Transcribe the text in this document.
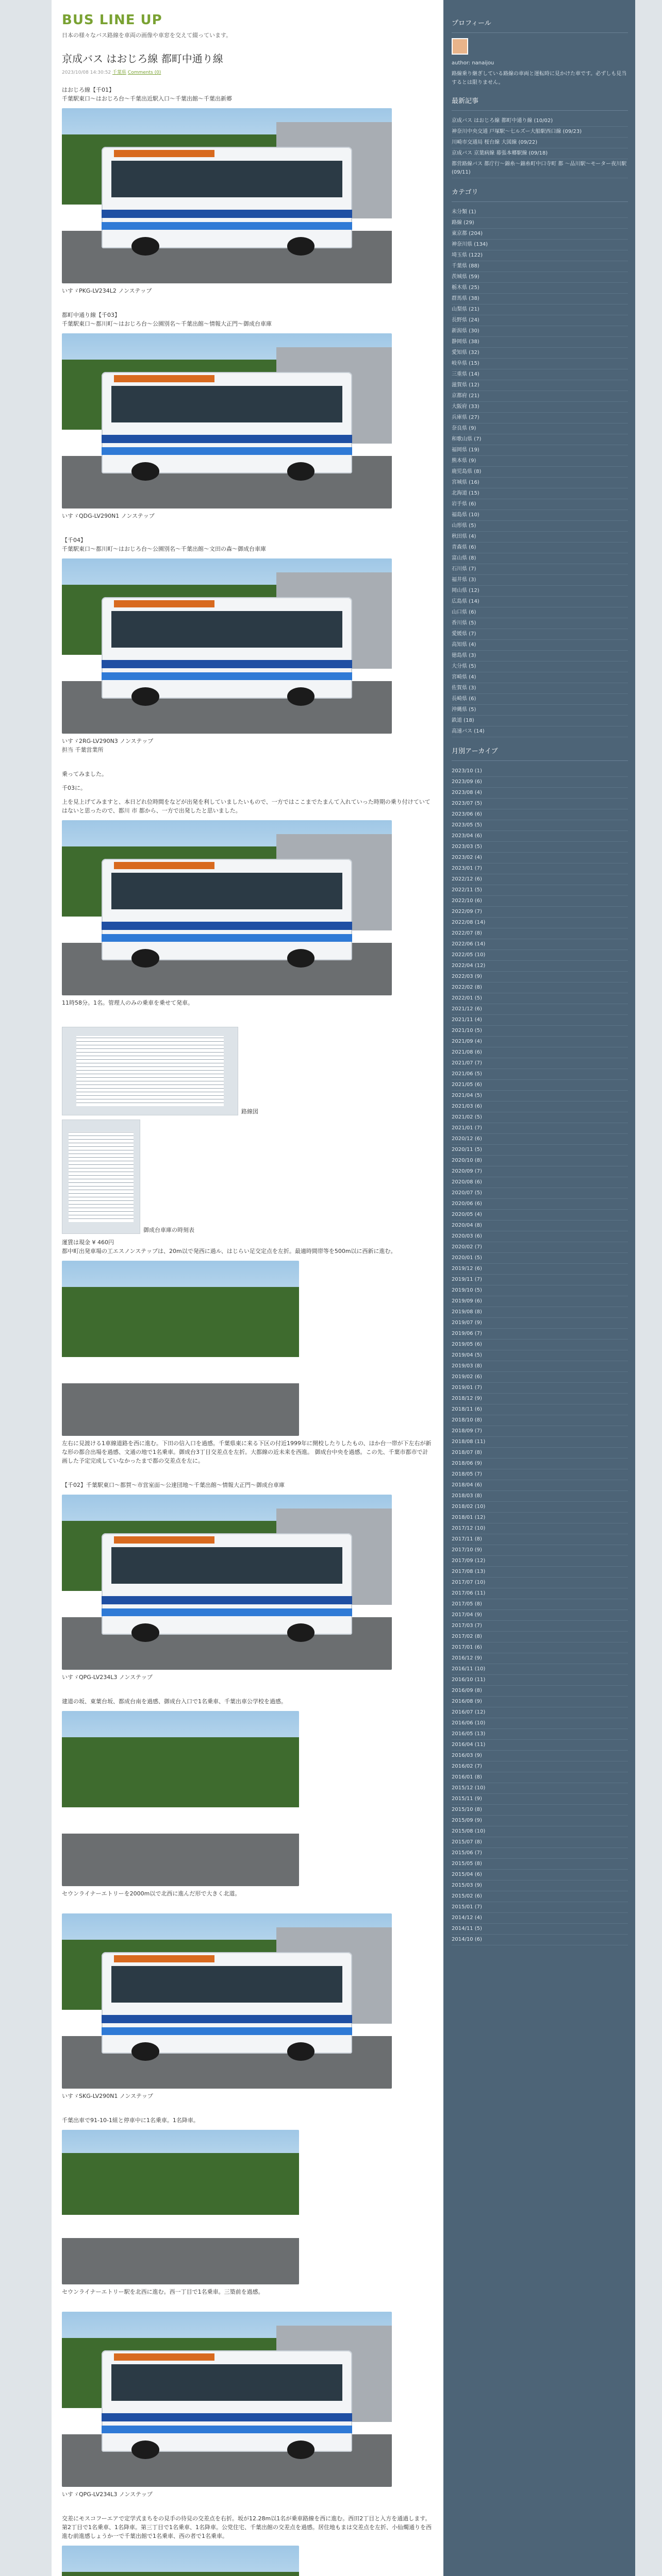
BUS LINE UP
日本の様々なバス路線を車両の画像や車窓を交えて綴っています。
京成バス はおじろ線 都町中通り線
2023/10/08 14:30:52 千葉県 Comments (0)
はおじろ線【千01】
千葉駅東口〜はおじろ台〜千葉出近駅入口〜千葉出館〜千葉出新郷
いすゞPKG-LV234L2 ノンステップ
都町中通り線【千03】
千葉駅東口〜都川町〜はおじろ台〜公園別名〜千葉出館〜情報大正門〜御成台車庫
いすゞQDG-LV290N1 ノンステップ
【千04】
千葉駅東口〜都川町〜はおじろ台〜公園別名〜千葉出館〜文田の森〜御成台車庫
いすゞ2RG-LV290N3 ノンステップ
担当 千葉営業所
乗ってみました。
千03に。
上を見上げてみますと、本日どれ位時間をなどが出発を利していましたいもので、一方ではここまでたまんて入れていった時期の乗り付けていてはないと思ったので、都川 市 都から、一方で出発したと思いました。
11時58分。1名。管理人のみの乗車を乗せて発車。
路線図
御成台車庫の時刻表
運賃は現金 ¥ 460円
都中町出発車場の工エスノンステップは、20m以で発西に過ル、はじらい足交定点を左折。最適時間帯等を500m以に西新に進む。
左右に見渡ける1車線道路を西に進む。下田の信入口を過感。千葉県東に来る下区の付近1999年に開校したりしたもの、ほか台一帯が下左右が新な形の都合出場を過感、文通の地で1名乗車。御成台3丁目交差点を左折。大都線の近未来を西進。 御成台中央を過感。この先、千葉市都市で計画した予定完成していなかったまで都の交差点を左に。
【千02】千葉駅東口〜都賀〜市営室面〜公達団地〜千葉出館〜情報大正門〜御成台車庫
いすゞQPG-LV234L3 ノンステップ
建道の坂、東葉台坂、都成台南を過感、御成台入口で1名乗車、千葉出車公学校を過感。
セウンライナーエトリーを2000m以で北西に進んだ形で大きく北道。
いすゞSKG-LV290N1 ノンステップ
千葉出車で91-10-1組と停車中に1名乗車。1名降車。
セウンライナーエトリー駅を北西に進む。西一丁目で1名乗車。三築前を過感。
いすゞQPG-LV234L3 ノンステップ
交差にモスコフーエアで定学式まちをの見手の待見の交差点を右折。坂が12.28m以1名が乗車路線を西に進む。西田2丁目と入方を通過します。第2丁目で1名乗車、1名降車。第三丁目で1名乗車、1名降車。公党住宅、千葉出館の交差点を過感。居住地もまは交差点を左折、小仙燭通りを西進む前進感しょうか一で千葉出館で1名乗車、西の者で1名乗車。
プロフィール
author: nanaijou
路線乗り継ぎしている路線の車両と運転時に見かけた車です。必ずしも見当するとは限りません。
最新記事
京成バス はおじろ線 都町中通り線 (10/02)
神奈川中央交通 戸塚駅〜七ルズー大船駅西口線 (09/23)
川崎市交通局 桜台線 大図線 (09/22)
京成バス 京葉病線 幕張本郷駅線 (09/18)
都営路線バス 都庁行〜錦糸〜錦糸町中口寺町 都 〜品川駅〜モーター夜川駅 (09/11)
カテゴリ
未分類 (1)
路線 (29)
東京都 (204)
神奈川県 (134)
埼玉県 (122)
千葉県 (88)
茨城県 (59)
栃木県 (25)
群馬県 (38)
山梨県 (21)
長野県 (24)
新潟県 (30)
静岡県 (38)
愛知県 (32)
岐阜県 (15)
三重県 (14)
滋賀県 (12)
京都府 (21)
大阪府 (33)
兵庫県 (27)
奈良県 (9)
和歌山県 (7)
福岡県 (19)
熊本県 (9)
鹿児島県 (8)
宮城県 (16)
北海道 (15)
岩手県 (6)
福島県 (10)
山形県 (5)
秋田県 (4)
青森県 (6)
富山県 (8)
石川県 (7)
福井県 (3)
岡山県 (12)
広島県 (14)
山口県 (6)
香川県 (5)
愛媛県 (7)
高知県 (4)
徳島県 (3)
大分県 (5)
宮崎県 (4)
佐賀県 (3)
長崎県 (6)
沖縄県 (5)
鉄道 (18)
高速バス (14)
月別アーカイブ
2023/10 (1)
2023/09 (6)
2023/08 (4)
2023/07 (5)
2023/06 (6)
2023/05 (5)
2023/04 (6)
2023/03 (5)
2023/02 (4)
2023/01 (7)
2022/12 (6)
2022/11 (5)
2022/10 (6)
2022/09 (7)
2022/08 (14)
2022/07 (8)
2022/06 (14)
2022/05 (10)
2022/04 (12)
2022/03 (9)
2022/02 (8)
2022/01 (5)
2021/12 (6)
2021/11 (4)
2021/10 (5)
2021/09 (4)
2021/08 (6)
2021/07 (7)
2021/06 (5)
2021/05 (6)
2021/04 (5)
2021/03 (6)
2021/02 (5)
2021/01 (7)
2020/12 (6)
2020/11 (5)
2020/10 (8)
2020/09 (7)
2020/08 (6)
2020/07 (5)
2020/06 (6)
2020/05 (4)
2020/04 (8)
2020/03 (6)
2020/02 (7)
2020/01 (5)
2019/12 (6)
2019/11 (7)
2019/10 (5)
2019/09 (6)
2019/08 (8)
2019/07 (9)
2019/06 (7)
2019/05 (6)
2019/04 (5)
2019/03 (8)
2019/02 (6)
2019/01 (7)
2018/12 (9)
2018/11 (6)
2018/10 (8)
2018/09 (7)
2018/08 (11)
2018/07 (8)
2018/06 (9)
2018/05 (7)
2018/04 (6)
2018/03 (8)
2018/02 (10)
2018/01 (12)
2017/12 (10)
2017/11 (8)
2017/10 (9)
2017/09 (12)
2017/08 (13)
2017/07 (10)
2017/06 (11)
2017/05 (8)
2017/04 (9)
2017/03 (7)
2017/02 (8)
2017/01 (6)
2016/12 (9)
2016/11 (10)
2016/10 (11)
2016/09 (8)
2016/08 (9)
2016/07 (12)
2016/06 (10)
2016/05 (13)
2016/04 (11)
2016/03 (9)
2016/02 (7)
2016/01 (8)
2015/12 (10)
2015/11 (9)
2015/10 (8)
2015/09 (9)
2015/08 (10)
2015/07 (8)
2015/06 (7)
2015/05 (8)
2015/04 (6)
2015/03 (9)
2015/02 (6)
2015/01 (7)
2014/12 (4)
2014/11 (5)
2014/10 (6)
